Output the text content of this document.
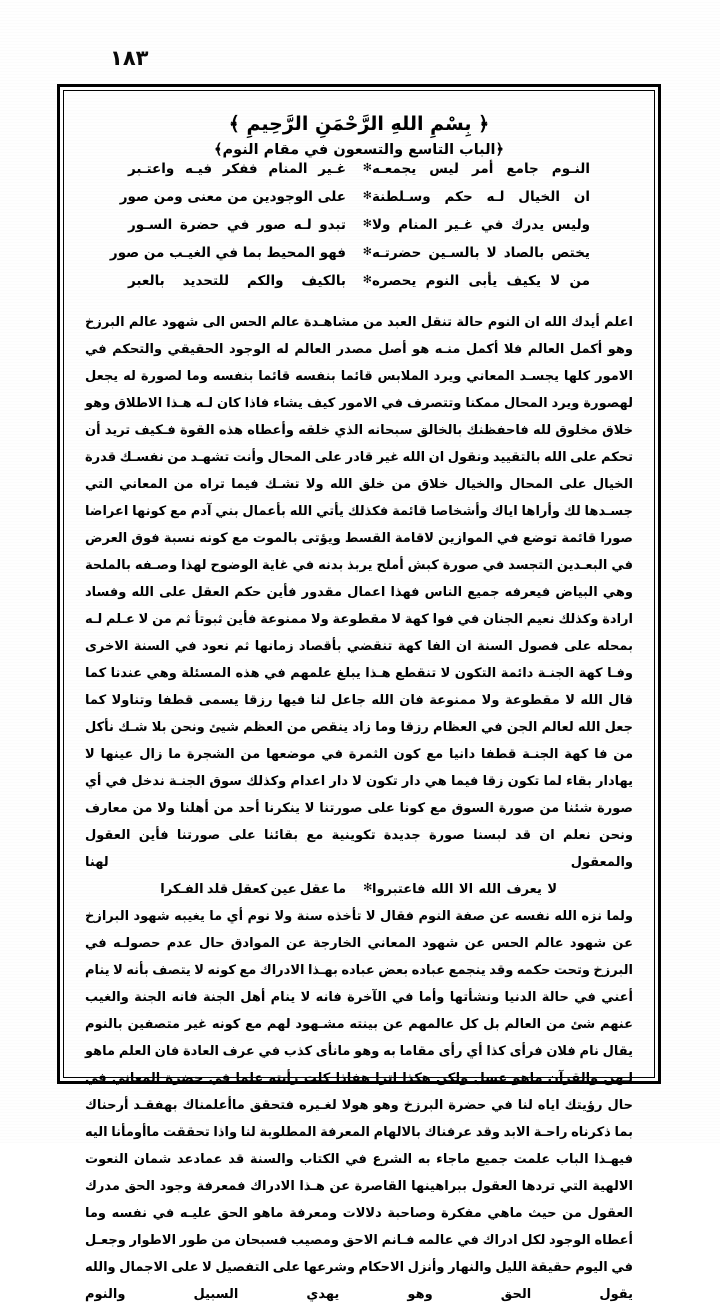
١٨٣
﴿ بِسْمِ اللهِ الرَّحْمَنِ الرَّحِيمِ ﴾
﴿الباب التاسع والتسعون في مقام النوم﴾
النـوم جامع أمر ليس يجمعـه
✻
غـير المنام ففكر فيـه واعتـبر
ان الخيال لـه حكم وسـلطنة
✻
على الوجودين من معنى ومن صور
وليس يدرك في غـير المنام ولا
✻
تبدو لـه صور في حضرة السـور
يختص بالصاد لا بالسـين حضرتـه
✻
فهو المحيط بما في الغيـب من صور
من لا يكيف يأبى النوم يحصره
✻
بالكيف والكم للتحديد بالعبر

اعلم أيدك الله ان النوم حالة تنقل العبد من مشاهـدة عالم الحس الى شهود عالم البرزخ وهو أكمل العالم فلا أكمل منـه هو أصل مصدر العالم له الوجود الحقيقي والتحكم في الامور كلها يجسـد المعاني ويرد الملابس قائما بنفسه قائما بنفسه وما لصورة له يجعل لهصورة ويرد المحال ممكنا وتتصرف في الامور كيف يشاء فاذا كان لـه هـذا الاطلاق وهو خلاق مخلوق لله فاحفظنك بالخالق سبحانه الذي خلقه وأعطاه هذه القوة فـكيف تريد أن تحكم على الله بالتقييد ونقول ان الله غير قادر على المحال وأنت تشهـد من نفسـك قدرة الخيال على المحال والخيال خلاق من خلق الله ولا تشـك فيما تراه من المعاني التي جسـدها لك وأراها اياك وأشخاصا قائمة فكذلك يأتي الله بأعمال بني آدم مع كونها اعراضا صورا قائمة توضع في الموازين لاقامة القسط ويؤتى بالموت مع كونه نسبة فوق العرض في البعـدين التجسد في صورة كبش أملح يربذ بدنه في غاية الوضوح لهذا وصـفه بالملحة وهي البياض فيعرفه جميع الناس فهذا اعمال مقدور فأين حكم العقل على الله وفساد ارادة وكذلك نعيم الجنان في فوا كهة لا مقطوعة ولا ممنوعة فأين ثبوتأ ثم من لا عـلم لـه بمحله على فصول السنة ان الفا كهة تنقضي بأقصاد زمانها ثم نعود في السنة الاخرى وفـا كهة الجنـة دائمة التكون لا تنقطع هـذا يبلغ علمهم في هذه المسئلة وهي عندنا كما قال الله لا مقطوعة ولا ممنوعة فان الله جاعل لنا فيها رزقا يسمى قطفا وتناولا كما جعل الله لعالم الجن في العظام رزقا وما زاد ينقص من العظم شيئ ونحن بلا شـك نأكل من فا كهة الجنـة قطفا دانيا مع كون الثمرة في موضعها من الشجرة ما زال عينها لا يهادار بقاء لما تكون زقا فيما هي دار تكون لا دار اعدام وكذلك سوق الجنـة ندخل في أي صورة شئنا من صورة السوق مع كونا على صورتنا لا ينكرنا أحد من أهلنا ولا من معارف ونحن نعلم ان قد لبسنا صورة جديدة تكوينية مع بقائنا على صورتنا فأين العقول والمعقول لهنا

لا يعرف الله الا الله فاعتبروا
✻
ما عقل عين كعقل قلد الفـكرا

ولما نزه الله نفسه عن صفة النوم فقال لا تأخذه سنة ولا نوم أي ما يغيبه شهود البرازخ عن شهود عالم الحس عن شهود المعاني الخارجة عن الموادق حال عدم حصولـه في البرزخ وتحت حكمه وقد ينجمع عباده بعض عباده بهـذا الادراك مع كونه لا يتصف بأنه لا ينام أعني في حالة الدنيا ونشأتها وأما في الآخرة فانه لا ينام أهل الجنة فانه الجنة والغيب عنهم شئ من العالم بل كل عالمهم عن بينته مشـهود لهم مع كونه غير متصفين بالنوم يقال نام فلان فرأى كذا أي رأى مقاما به وهو مانأى كذب في عرف العادة فان العلم ماهو لـهن والقرآن ماهو عسل ولكن هكذا اترا هفاذا كلت رأيته علما في حضرة المعاني في حال رؤيتك اياه لنا في حضرة البرزخ وهو هولا لغـيره فتحقق ماأعلمناك بهفقـد أرحناك بما ذكرناه راحـة الابد وقد عرفناك بالالهام المعرفة المطلوبة لنا واذا تحققت ماأومأنا اليه فيهـذا الباب علمت جميع ماجاء به الشرع في الكتاب والسنة قد عمادعد شمان النعوت الالهية التي تردها العقول ببراهينها القاصرة عن هـذا الادراك فمعرفة وجود الحق مدرك العقول من حيث ماهي مفكرة وصاحبة دلالات ومعرفة ماهو الحق عليـه في نفسه وما أعطاه الوجود لكل ادراك في عالمه فـانم الاحق ومصيب فسبحان من طور الاطوار وجعـل في اليوم حقيقة الليل والنهار وأنزل الاحكام وشرعها على التفصيل لا على الاجمال والله يقول الحق وهو يهدي السبيل والنوم
